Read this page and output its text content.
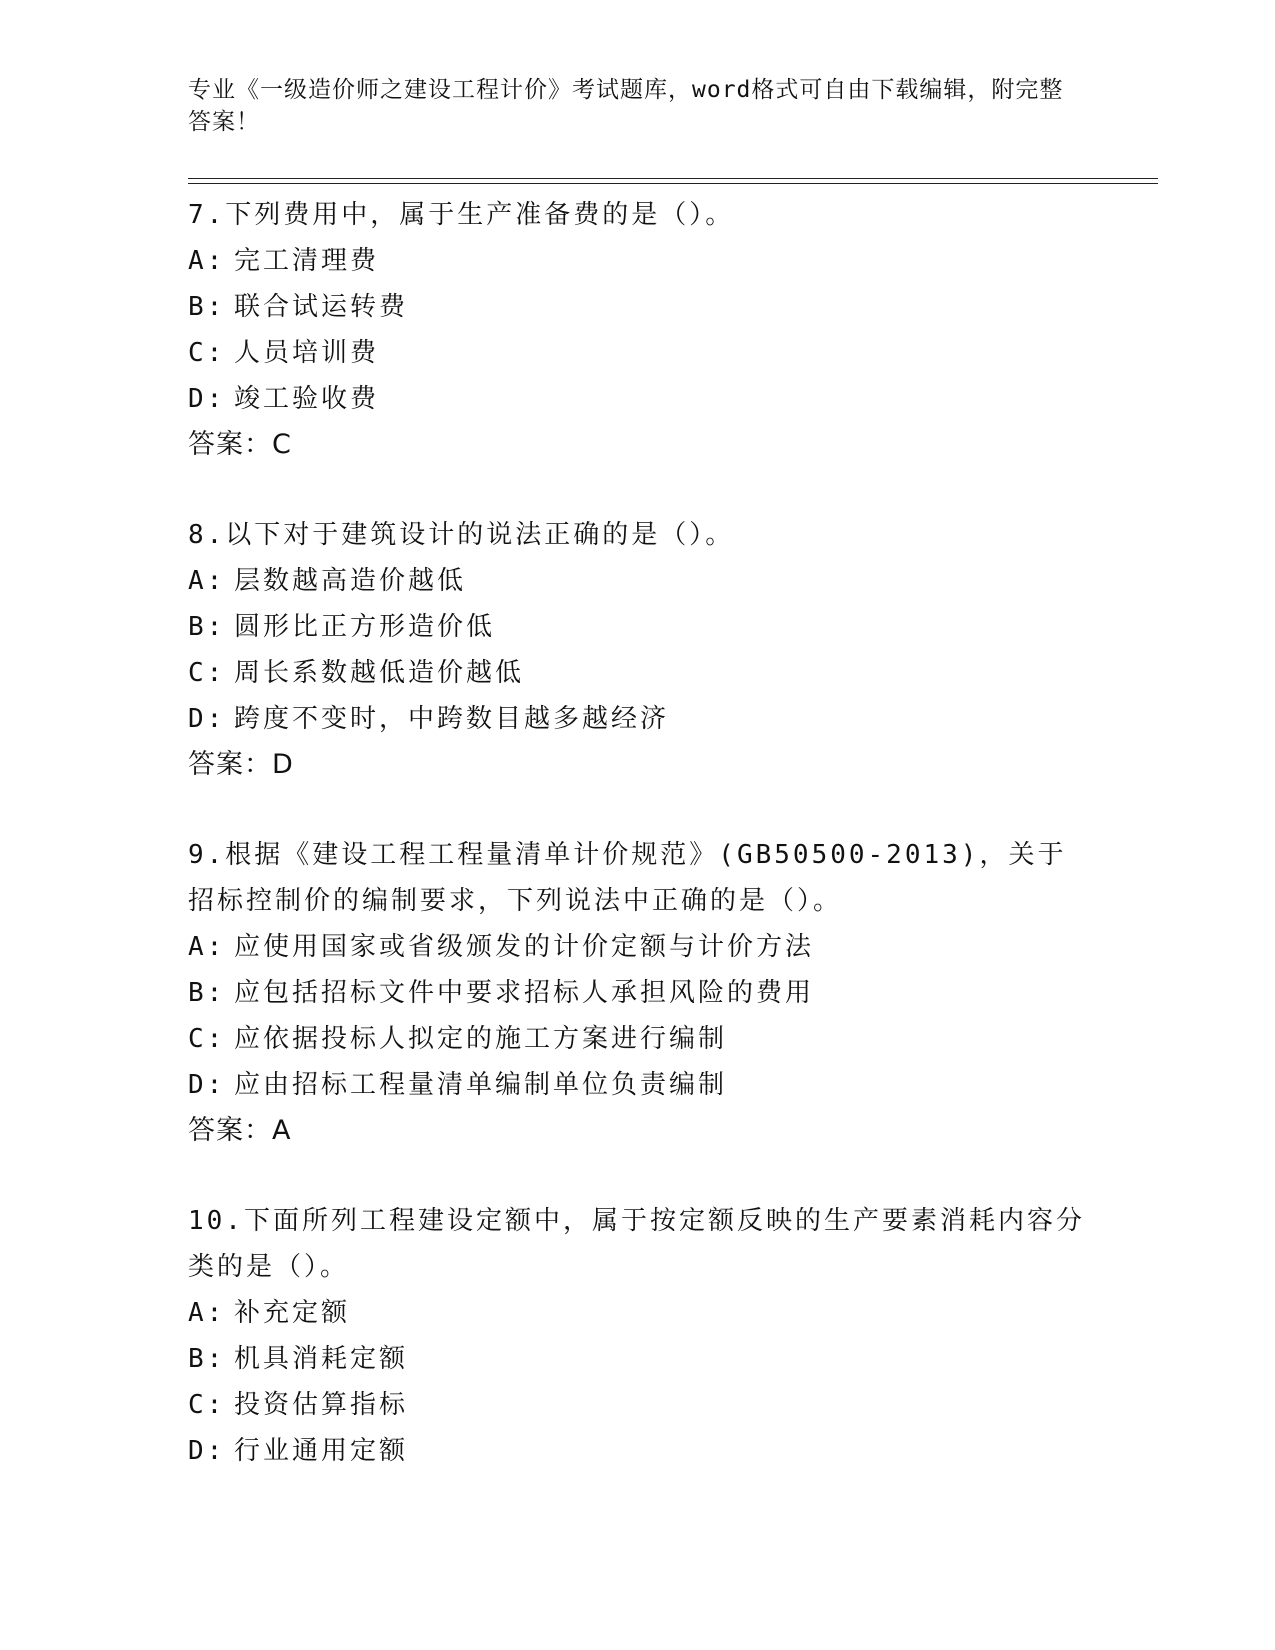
专业《一级造价师之建设工程计价》考试题库，word格式可自由下载编辑，附完整答案！

7.下列费用中，属于生产准备费的是（）。

A: 完工清理费

B: 联合试运转费

C: 人员培训费

D: 竣工验收费

答案：C

8.以下对于建筑设计的说法正确的是（）。

A: 层数越高造价越低

B: 圆形比正方形造价低

C: 周长系数越低造价越低

D: 跨度不变时，中跨数目越多越经济

答案：D

9.根据《建设工程工程量清单计价规范》(GB50500-2013)，关于招标控制价的编制要求，下列说法中正确的是（）。

A: 应使用国家或省级颁发的计价定额与计价方法

B: 应包括招标文件中要求招标人承担风险的费用

C: 应依据投标人拟定的施工方案进行编制

D: 应由招标工程量清单编制单位负责编制

答案：A

10.下面所列工程建设定额中，属于按定额反映的生产要素消耗内容分类的是（）。

A: 补充定额

B: 机具消耗定额

C: 投资估算指标

D: 行业通用定额
